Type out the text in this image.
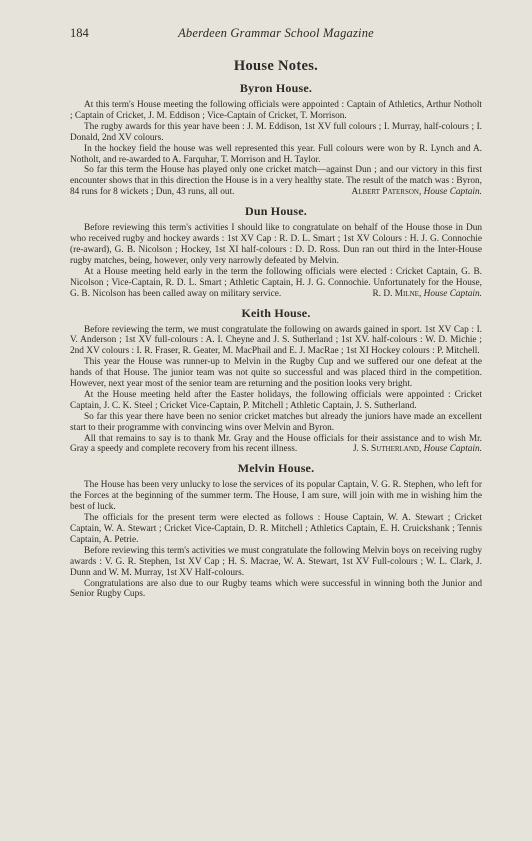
184	Aberdeen Grammar School Magazine
House Notes.
Byron House.

At this term's House meeting the following officials were appointed : Captain of Athletics, Arthur Notholt ; Captain of Cricket, J. M. Eddison ; Vice-Captain of Cricket, T. Morrison.

The rugby awards for this year have been : J. M. Eddison, 1st XV full colours ; I. Murray, half-colours ; I. Donald, 2nd XV colours.

In the hockey field the house was well represented this year. Full colours were won by R. Lynch and A. Notholt, and re-awarded to A. Farquhar, T. Morrison and H. Taylor.

So far this term the House has played only one cricket match—against Dun ; and our victory in this first encounter shows that in this direction the House is in a very healthy state. The result of the match was : Byron, 84 runs for 8 wickets ; Dun, 43 runs, all out.	Albert Paterson, House Captain.

Dun House.

Before reviewing this term's activities I should like to congratulate on behalf of the House those in Dun who received rugby and hockey awards : 1st XV Cap : R. D. L. Smart ; 1st XV Colours : H. J. G. Connochie (re-award), G. B. Nicolson ; Hockey, 1st XI half-colours : D. D. Ross. Dun ran out third in the Inter-House rugby matches, being, however, only very narrowly defeated by Melvin.

At a House meeting held early in the term the following officials were elected : Cricket Captain, G. B. Nicolson ; Vice-Captain, R. D. L. Smart ; Athletic Captain, H. J. G. Connochie. Unfortunately for the House, G. B. Nicolson has been called away on military service.	R. D. Milne, House Captain.

Keith House.

Before reviewing the term, we must congratulate the following on awards gained in sport. 1st XV Cap : I. V. Anderson ; 1st XV full-colours : A. I. Cheyne and J. S. Sutherland ; 1st XV. half-colours : W. D. Michie ; 2nd XV colours : I. R. Fraser, R. Geater, M. MacPhail and E. J. MacRae ; 1st XI Hockey colours : P. Mitchell.

This year the House was runner-up to Melvin in the Rugby Cup and we suffered our one defeat at the hands of that House. The junior team was not quite so successful and was placed third in the competition. However, next year most of the senior team are returning and the position looks very bright.

At the House meeting held after the Easter holidays, the following officials were appointed : Cricket Captain, J. C. K. Steel ; Cricket Vice-Captain, P. Mitchell ; Athletic Captain, J. S. Sutherland.

So far this year there have been no senior cricket matches but already the juniors have made an excellent start to their programme with convincing wins over Melvin and Byron.

All that remains to say is to thank Mr. Gray and the House officials for their assistance and to wish Mr. Gray a speedy and complete recovery from his recent illness.	J. S. Sutherland, House Captain.

Melvin House.

The House has been very unlucky to lose the services of its popular Captain, V. G. R. Stephen, who left for the Forces at the beginning of the summer term. The House, I am sure, will join with me in wishing him the best of luck.

The officials for the present term were elected as follows : House Captain, W. A. Stewart ; Cricket Captain, W. A. Stewart ; Cricket Vice-Captain, D. R. Mitchell ; Athletics Captain, E. H. Cruickshank ; Tennis Captain, A. Petrie.

Before reviewing this term's activities we must congratulate the following Melvin boys on receiving rugby awards : V. G. R. Stephen, 1st XV Cap ; H. S. Macrae, W. A. Stewart, 1st XV Full-colours ; W. L. Clark, J. Dunn and W. M. Murray, 1st XV Half-colours.

Congratulations are also due to our Rugby teams which were successful in winning both the Junior and Senior Rugby Cups.
